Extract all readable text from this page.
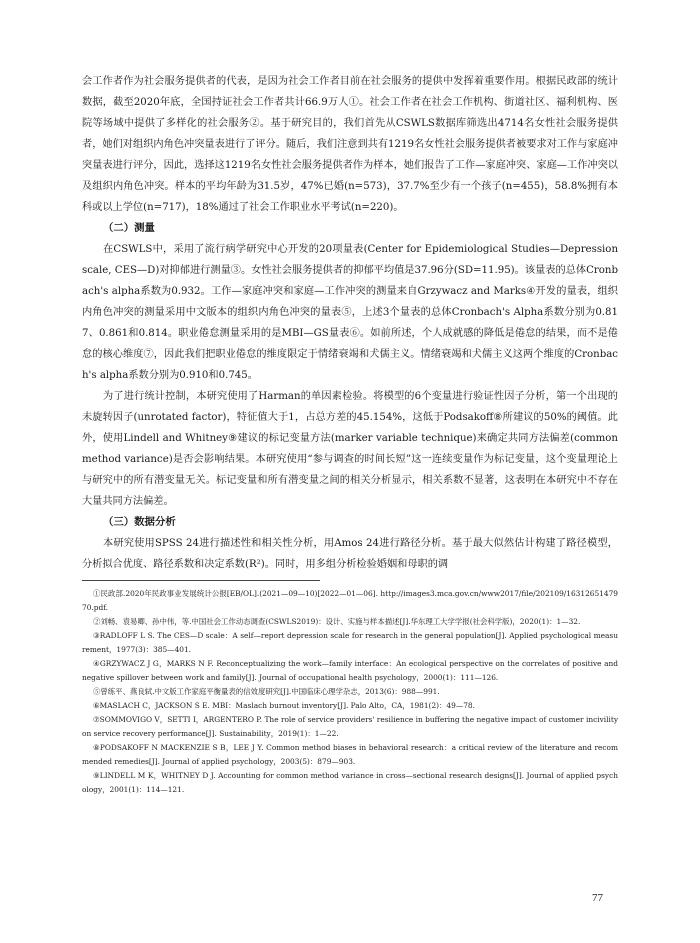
会工作者作为社会服务提供者的代表，是因为社会工作者目前在社会服务的提供中发挥着重要作用。根据民政部的统计数据，截至2020年底，全国持证社会工作者共计66.9万人①。社会工作者在社会工作机构、街道社区、福利机构、医院等场域中提供了多样化的社会服务②。基于研究目的，我们首先从CSWLS数据库筛选出4714名女性社会服务提供者，她们对组织内角色冲突量表进行了评分。随后，我们注意到共有1219名女性社会服务提供者被要求对工作与家庭冲突量表进行评分，因此，选择这1219名女性社会服务提供者作为样本，她们报告了工作—家庭冲突、家庭—工作冲突以及组织内角色冲突。样本的平均年龄为31.5岁，47%已婚(n=573)，37.7%至少有一个孩子(n=455)，58.8%拥有本科或以上学位(n=717)，18%通过了社会工作职业水平考试(n=220)。

（二）测量

在CSWLS中，采用了流行病学研究中心开发的20项量表(Center for Epidemiological Studies—Depression scale, CES—D)对抑郁进行测量③。女性社会服务提供者的抑郁平均值是37.96分(SD=11.95)。该量表的总体Cronbach's alpha系数为0.932。工作—家庭冲突和家庭—工作冲突的测量来自Grzywacz and Marks④开发的量表，组织内角色冲突的测量采用中文版本的组织内角色冲突的量表⑤，上述3个量表的总体Cronbach's Alpha系数分别为0.817、0.861和0.814。职业倦怠测量采用的是MBI—GS量表⑥。如前所述，个人成就感的降低是倦怠的结果，而不是倦怠的核心维度⑦，因此我们把职业倦怠的维度限定于情绪衰竭和犬儒主义。情绪衰竭和犬儒主义这两个维度的Cronbach's alpha系数分别为0.910和0.745。

为了进行统计控制，本研究使用了Harman的单因素检验。将模型的6个变量进行验证性因子分析，第一个出现的未旋转因子(unrotated factor)，特征值大于1，占总方差的45.154%，这低于Podsakoff⑧所建议的50%的阈值。此外，使用Lindell and Whitney⑨建议的标记变量方法(marker variable technique)来确定共同方法偏差(common method variance)是否会影响结果。本研究使用“参与调查的时间长短”这一连续变量作为标记变量，这个变量理论上与研究中的所有潜变量无关。标记变量和所有潜变量之间的相关分析显示，相关系数不显著，这表明在本研究中不存在大量共同方法偏差。

（三）数据分析

本研究使用SPSS 24进行描述性和相关性分析，用Amos 24进行路径分析。基于最大似然估计构建了路径模型，分析拟合优度、路径系数和决定系数(R²)。同时，用多组分析检验婚姻和母职的调

①民政部.2020年民政事业发展统计公报[EB/OL].(2021—09—10)[2022—01—06]. http://images3.mca.gov.cn/www2017/file/202109/1631265147970.pdf.

②刘畅、袁易卿、孙中伟，等.中国社会工作动态调查(CSWLS2019)：设计、实施与样本描述[J].华东理工大学学报(社会科学版)，2020(1)：1—32.

③RADLOFF L S. The CES—D scale：A self—report depression scale for research in the general population[J]. Applied psychological measurement，1977(3)：385—401.

④GRZYWACZ J G，MARKS N F. Reconceptualizing the work—family interface：An ecological perspective on the correlates of positive and negative spillover between work and family[J]. Journal of occupational health psychology，2000(1)：111—126.

⑤曾练平、燕良轼.中文版工作家庭平衡量表的信效度研究[J].中国临床心理学杂志，2013(6)：988—991.

⑥MASLACH C，JACKSON S E. MBI：Maslach burnout inventory[J]. Palo Alto，CA，1981(2)：49—78.

⑦SOMMOVIGO V，SETTI I，ARGENTERO P. The role of service providers' resilience in buffering the negative impact of customer incivility on service recovery performance[J]. Sustainability，2019(1)：1—22.

⑧PODSAKOFF N MACKENZIE S B，LEE J Y. Common method biases in behavioral research：a critical review of the literature and recommended remedies[J]. Journal of applied psychology，2003(5)：879—903.

⑨LINDELL M K，WHITNEY D J. Accounting for common method variance in cross—sectional research designs[J]. Journal of applied psychology，2001(1)：114—121.

77
